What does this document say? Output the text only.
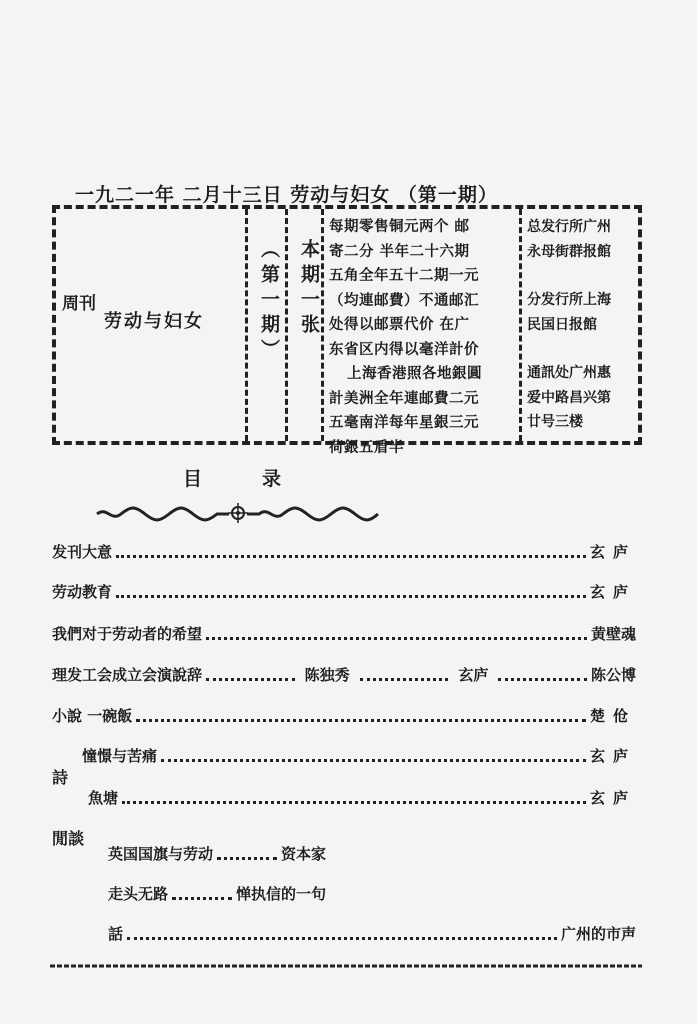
一九二一年 二月十三日 劳动与妇女 （第一期）
周刊
劳动与妇女	（第一期） 本期一张
每期零售铜元两个 邮
寄二分 半年二十六期
五角全年五十二期一元
（均連邮費）不通邮汇
处得以邮票代价 在广
东省区内得以毫洋計价
上海香港照各地銀圓
計美洲全年連邮費二元
五毫南洋每年星銀三元
荷銀五盾半
总发行所广州
永母街群报館
分发行所上海
民国日报館
通訊处广州惠
爱中路昌兴第
廿号三楼
目录
发刊大意	玄庐
劳动教育	玄庐
我們对于劳动者的希望	黄壁魂
理发工会成立会演說辞	陈独秀	玄庐	陈公博
小說 一碗飯	楚伧
詩
憧憬与苦痛	玄庐
魚塘	玄庐
閒談
英国国旗与劳动	资本家
走头无路	惮执信的一句
話	广州的市声
